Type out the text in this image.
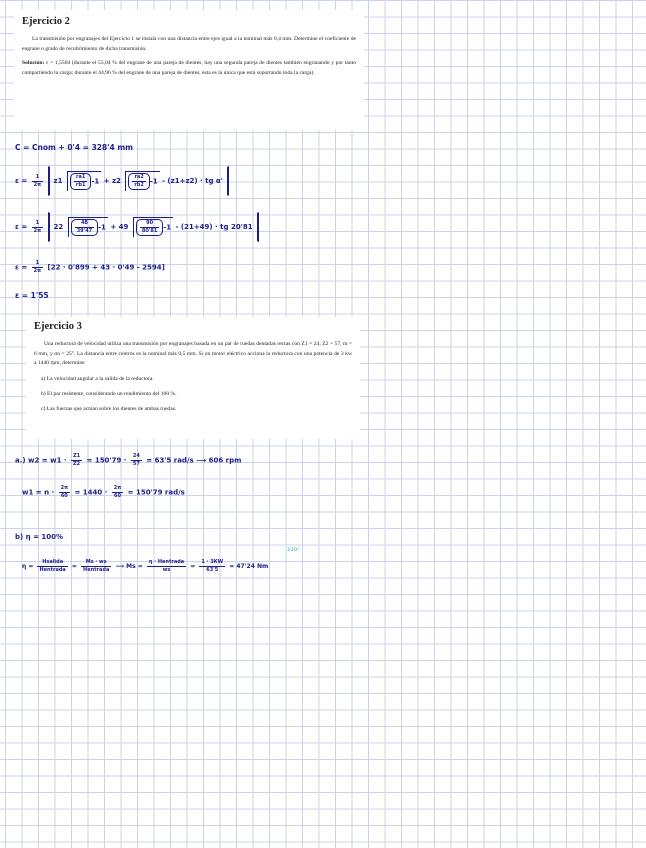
Ejercicio 2

La transmisión por engranajes del Ejercicio 1 se instala con una distancia entre ejes igual a la nominal más 0,4 mm. Determine el coeficiente de engrane o grado de recubrimiento de dicha transmisión.

Solución: ε = 1,5504 (durante el 55,04 % del engrane de una pareja de dientes, hay una segunda pareja de dientes también engranando y por tanto compartiendo la carga; durante el 44,96 % del engrane de una pareja de dientes, ésta es la única que está soportando toda la carga).

C = Cnom + 0'4 = 328'4 mm
$\varepsilon = \frac{1}{2\pi} z1 \frac{ra1}{rb1} -1 + z2 \frac{ra2}{rb2} -1 - (z1+z2)$ · tg α'
$\varepsilon = \frac{1}{2\pi} 22 \frac{48}{39'47} -1 + 49 \frac{90}{80'81} -1 - (21+49)$ · tg 20'81
$\varepsilon = \frac{1}{2\pi} [22 \cdot 0'899 + 43 \cdot 0'49 - 2594]$
ε = 1'55
Ejercicio 3

Una reductora de velocidad utiliza una transmisión por engranajes basada en un par de ruedas dentadas rectas con Z1 = 24, Z2 = 57, m = 6 mm, y αn = 25°. La distancia entre centros es la nominal más 0,5 mm. Si un motor eléctrico acciona la reductora con una potencia de 3 kw a 1440 rpm, determine

a) La velocidad angular a la salida de la reductora.
b) El par resistente, considerando un rendimiento del 100 %.
c) Las fuerzas que actúan sobre los dientes de ambas ruedas.
a.) $w2 = w1 \cdot \frac{Z1}{Z2} = 150'79 \cdot \frac{24}{57} = 63'5$ rad/s ⟶ 606 rpm
$w1 = n \cdot \frac{2\pi}{60} = 1440 \cdot \frac{2\pi}{60} = 150'79$ rad/s
b) η = 100%
$\eta = \frac{\text{Hsalida}}{\text{Hentrada}} = \frac{Ms \cdot ws}{\text{Hentrada}}$ ⟶ $Ms = \frac{\text{η · Hentrada}}{ws} = \frac{1 \cdot 3KW}{63'5} = 47'24$ Nm
3·10³
